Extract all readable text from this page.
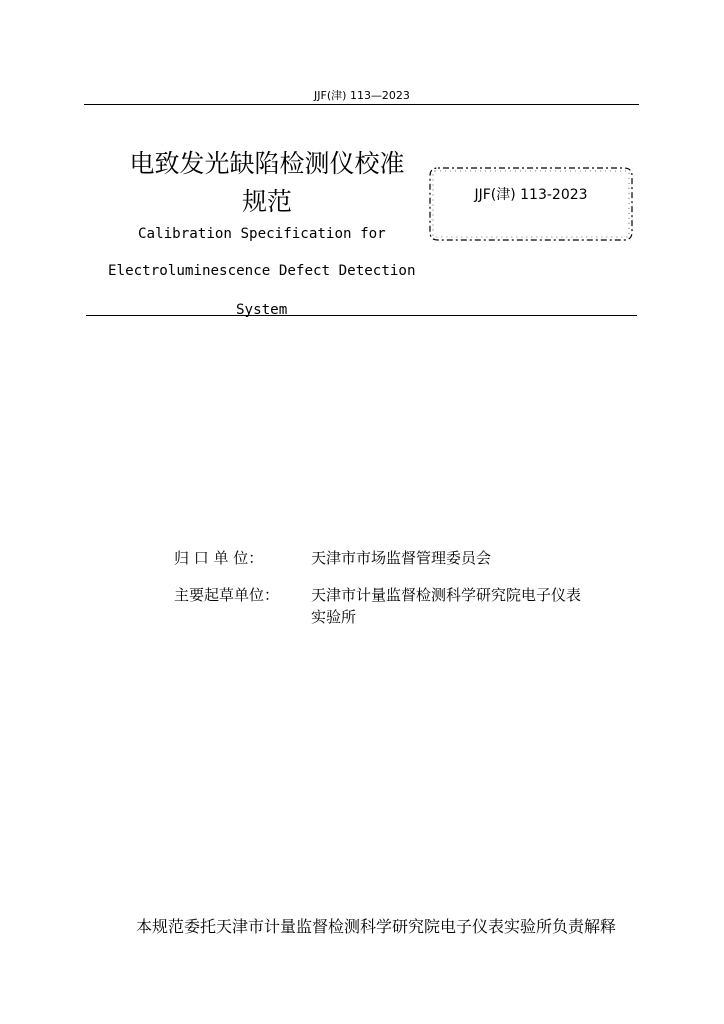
JJF(津) 113—2023
电致发光缺陷检测仪校准
规范
Calibration Specification for
Electroluminescence Defect Detection
System
JJF(津) 113-2023
归 口 单 位：	天津市市场监督管理委员会
主要起草单位： 天津市计量监督检测科学研究院电子仪表实验所
本规范委托天津市计量监督检测科学研究院电子仪表实验所负责解释
